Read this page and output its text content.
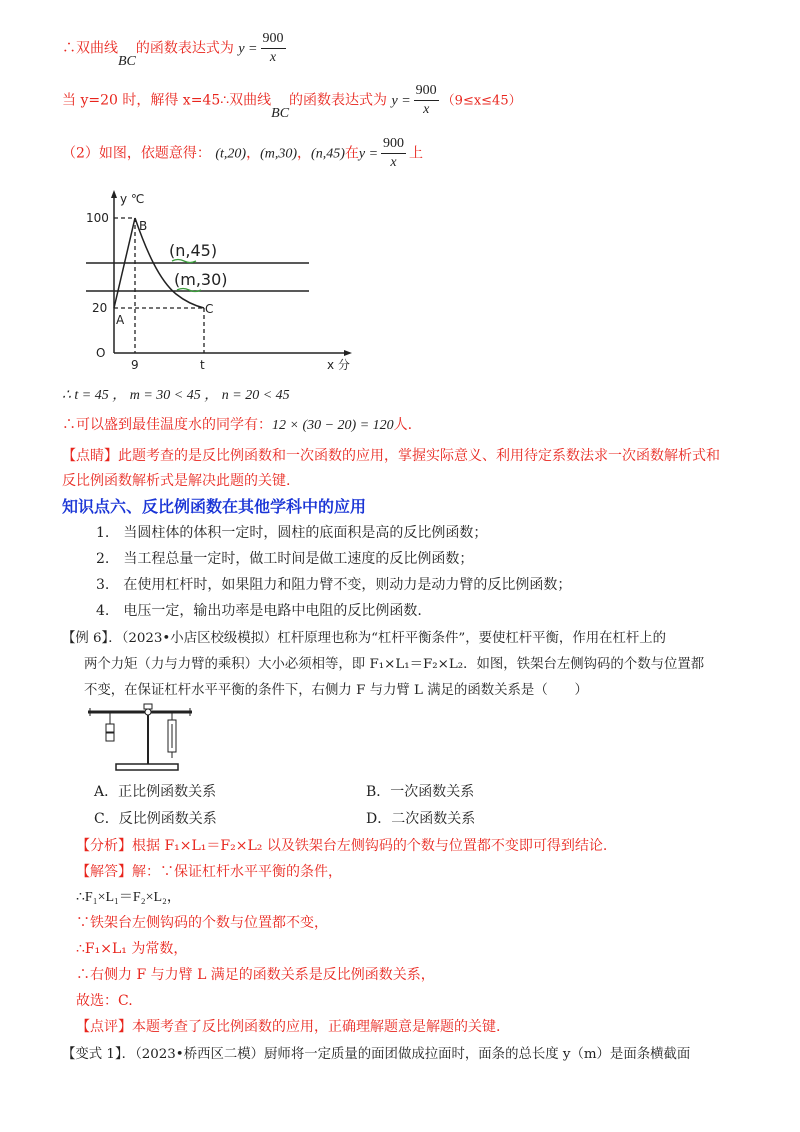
∴双曲线BC的函数表达式为 $y = \frac{900}{x}$
当 y=20 时，解得 x=45∴双曲线BC的函数表达式为 $y = \frac{900}{x} (9\le x\le 45)$
（2）如图，依题意得： (t,20)，(m,30)，(n,45)在$y = \frac{900}{x}$ 上
100
20
O
9	t
y ℃
x 分
B
A
C
(n,45)
(m,30)
∴ t = 45 ， m = 30 < 45 ， n = 20 < 45
∴可以盛到最佳温度水的同学有：12 × (30 − 20) = 120人.
【点睛】此题考查的是反比例函数和一次函数的应用，掌握实际意义、利用待定系数法求一次函数解析式和
反比例函数解析式是解决此题的关键.
知识点六、反比例函数在其他学科中的应用
1. 当圆柱体的体积一定时，圆柱的底面积是高的反比例函数；
2. 当工程总量一定时，做工时间是做工速度的反比例函数；
3. 在使用杠杆时，如果阻力和阻力臂不变，则动力是动力臂的反比例函数；
4. 电压一定，输出功率是电路中电阻的反比例函数.
【例 6】．（2023•小店区校级模拟）杠杆原理也称为“杠杆平衡条件”，要使杠杆平衡，作用在杠杆上的
两个力矩（力与力臂的乘积）大小必须相等，即 F₁×L₁＝F₂×L₂．如图，铁架台左侧钩码的个数与位置都
不变，在保证杠杆水平平衡的条件下，右侧力 F 与力臂 L 满足的函数关系是（　　）
A．正比例函数关系	B．一次函数关系
C．反比例函数关系	D．二次函数关系
【分析】根据 F₁×L₁＝F₂×L₂ 以及铁架台左侧钩码的个数与位置都不变即可得到结论.
【解答】解：∵保证杠杆水平平衡的条件，
∴F₁×L₁＝F₂×L₂，
∵铁架台左侧钩码的个数与位置都不变，
∴F₁×L₁ 为常数，
∴右侧力 F 与力臂 L 满足的函数关系是反比例函数关系，
故选：C.
【点评】本题考查了反比例函数的应用，正确理解题意是解题的关键.
【变式 1】．（2023•桥西区二模）厨师将一定质量的面团做成拉面时，面条的总长度 y（m）是面条横截面
